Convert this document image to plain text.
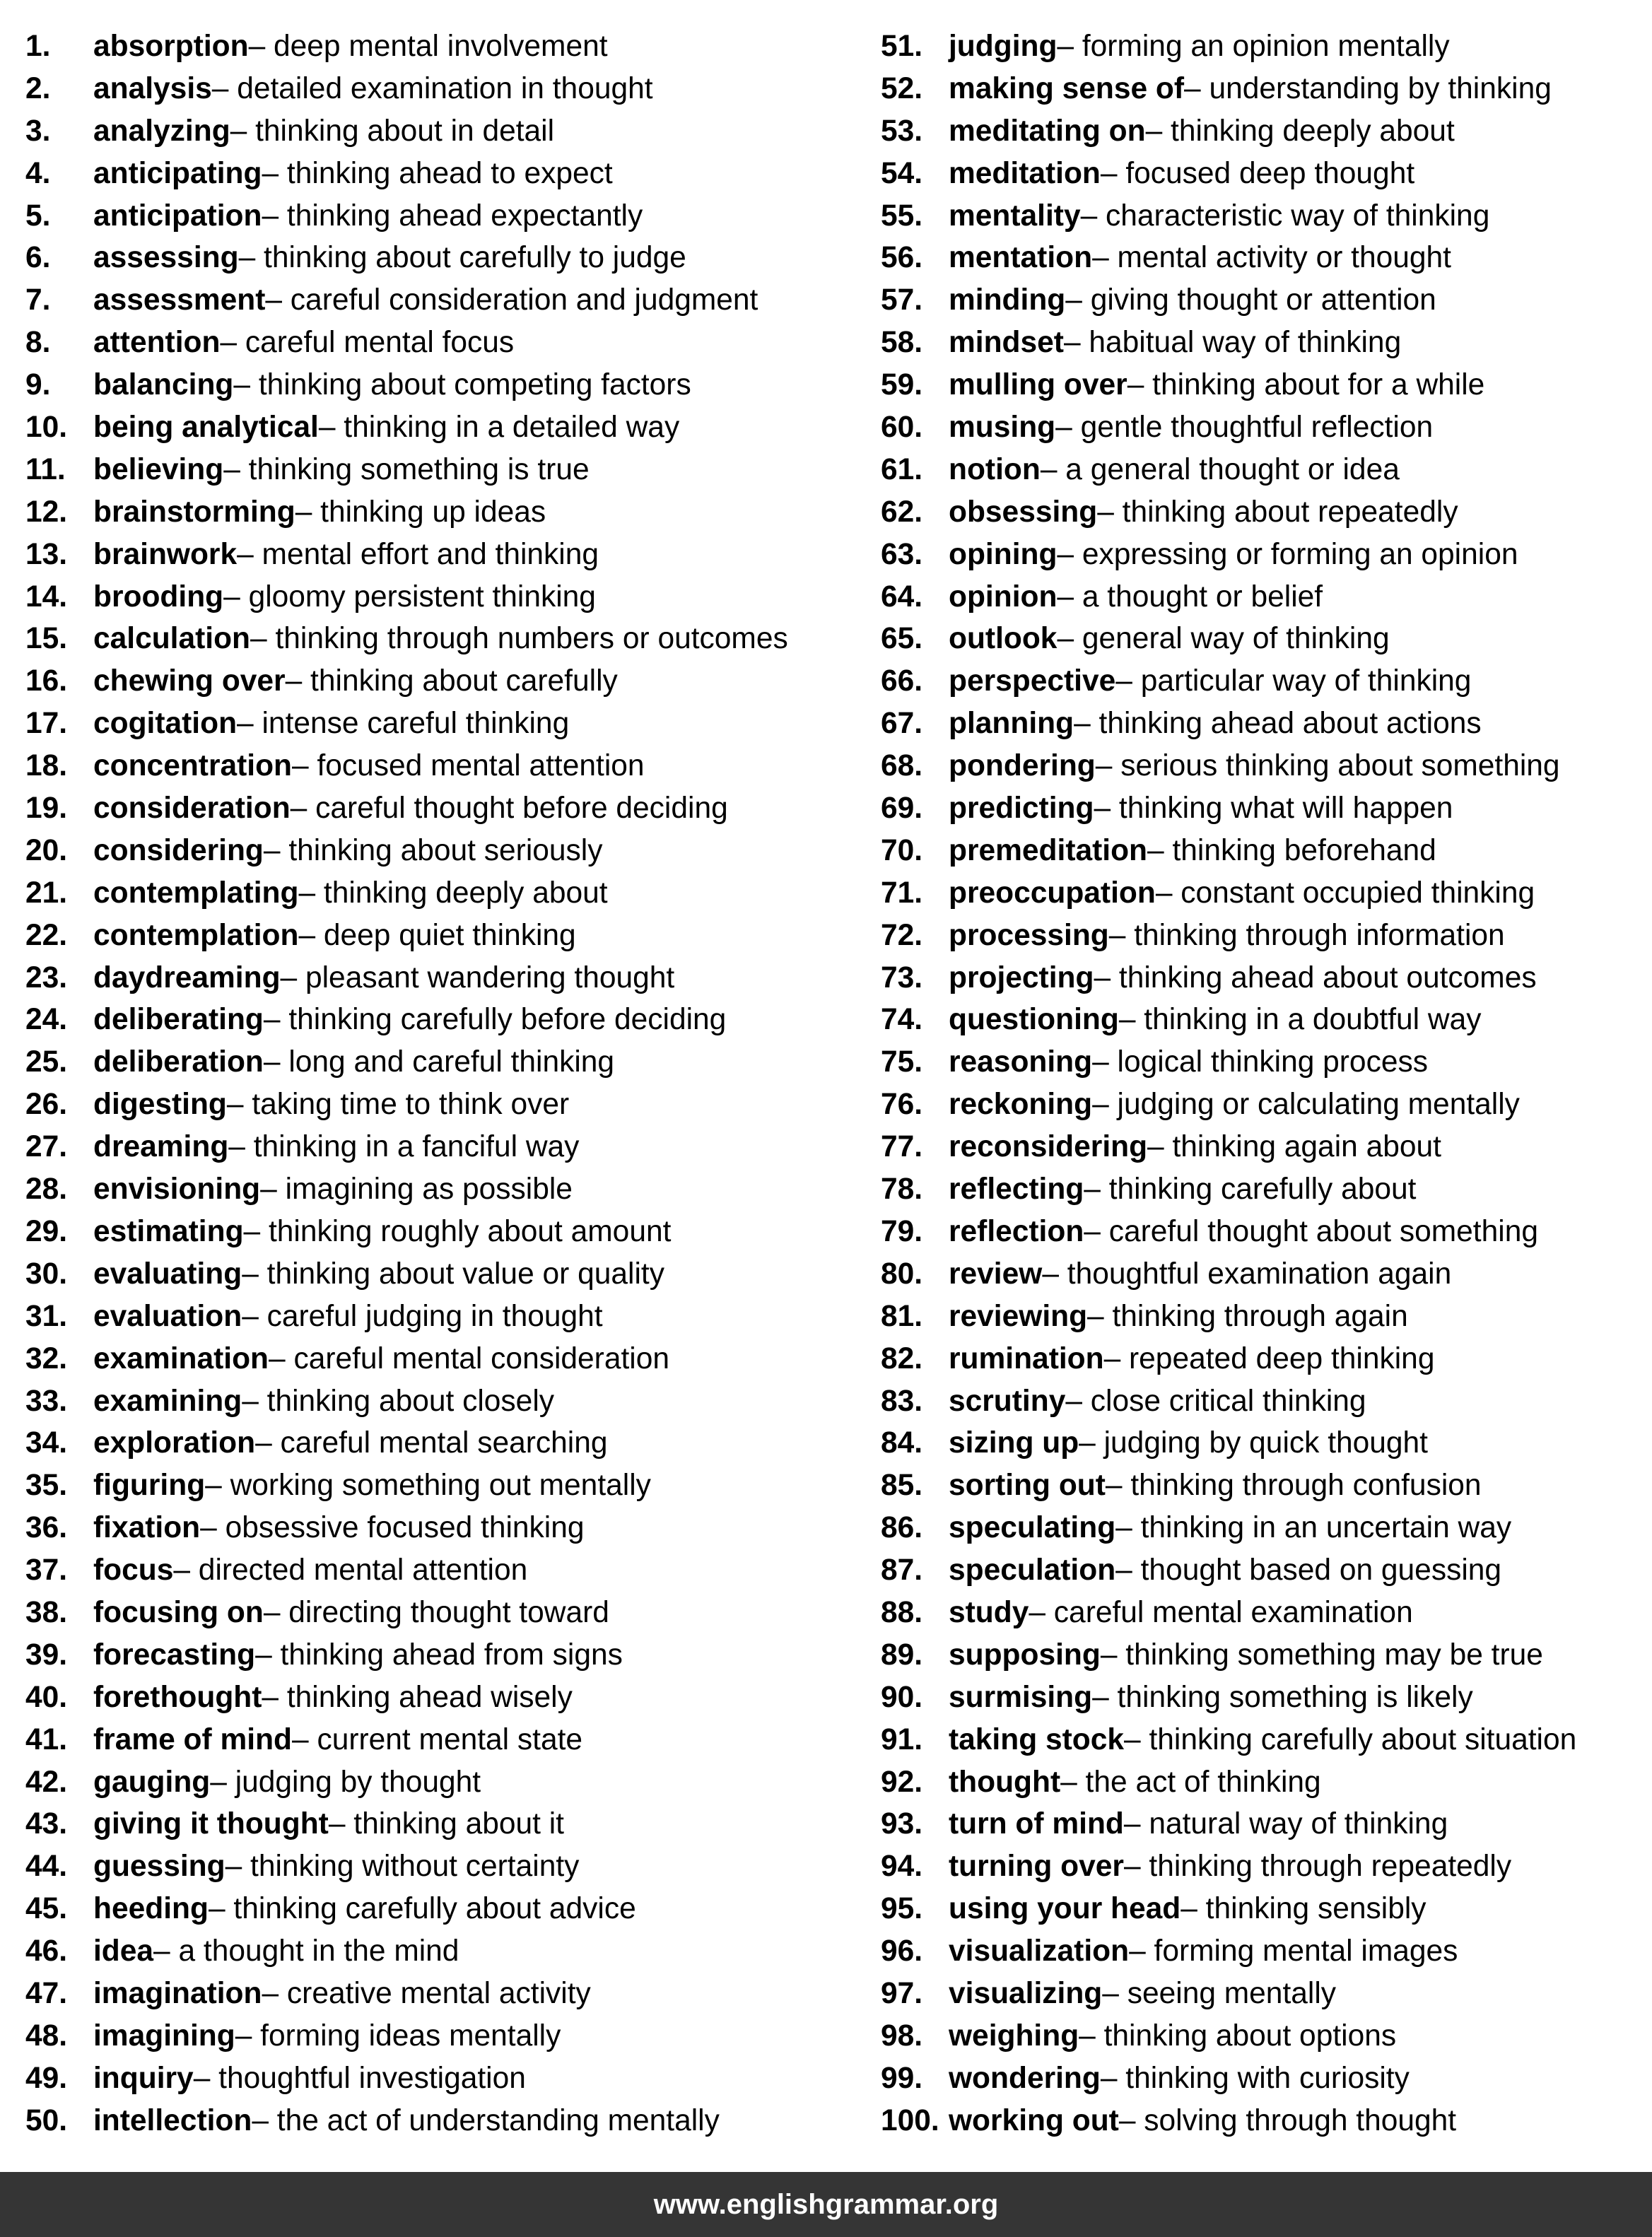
1.	absorption – deep mental involvement
2.	analysis – detailed examination in thought
3.	analyzing – thinking about in detail
4.	anticipating – thinking ahead to expect
5.	anticipation – thinking ahead expectantly
6.	assessing – thinking about carefully to judge
7.	assessment – careful consideration and judgment
8.	attention – careful mental focus
9.	balancing – thinking about competing factors
10. being analytical – thinking in a detailed way
11. believing – thinking something is true
12. brainstorming – thinking up ideas
13. brainwork – mental effort and thinking
14. brooding – gloomy persistent thinking
15. calculation – thinking through numbers or outcomes
16. chewing over – thinking about carefully
17. cogitation – intense careful thinking
18. concentration – focused mental attention
19. consideration – careful thought before deciding
20. considering – thinking about seriously
21. contemplating – thinking deeply about
22. contemplation – deep quiet thinking
23. daydreaming – pleasant wandering thought
24. deliberating – thinking carefully before deciding
25. deliberation – long and careful thinking
26. digesting – taking time to think over
27. dreaming – thinking in a fanciful way
28. envisioning – imagining as possible
29. estimating – thinking roughly about amount
30. evaluating – thinking about value or quality
31. evaluation – careful judging in thought
32. examination – careful mental consideration
33. examining – thinking about closely
34. exploration – careful mental searching
35. figuring – working something out mentally
36. fixation – obsessive focused thinking
37. focus – directed mental attention
38. focusing on – directing thought toward
39. forecasting – thinking ahead from signs
40. forethought – thinking ahead wisely
41. frame of mind – current mental state
42. gauging – judging by thought
43. giving it thought – thinking about it
44. guessing – thinking without certainty
45. heeding – thinking carefully about advice
46. idea – a thought in the mind
47. imagination – creative mental activity
48. imagining – forming ideas mentally
49. inquiry – thoughtful investigation
50. intellection – the act of understanding mentally
51. judging – forming an opinion mentally
52. making sense of – understanding by thinking
53. meditating on – thinking deeply about
54. meditation – focused deep thought
55. mentality – characteristic way of thinking
56. mentation – mental activity or thought
57. minding – giving thought or attention
58. mindset – habitual way of thinking
59. mulling over – thinking about for a while
60. musing – gentle thoughtful reflection
61. notion – a general thought or idea
62. obsessing – thinking about repeatedly
63. opining – expressing or forming an opinion
64. opinion – a thought or belief
65. outlook – general way of thinking
66. perspective – particular way of thinking
67. planning – thinking ahead about actions
68. pondering – serious thinking about something
69. predicting – thinking what will happen
70. premeditation – thinking beforehand
71. preoccupation – constant occupied thinking
72. processing – thinking through information
73. projecting – thinking ahead about outcomes
74. questioning – thinking in a doubtful way
75. reasoning – logical thinking process
76. reckoning – judging or calculating mentally
77. reconsidering – thinking again about
78. reflecting – thinking carefully about
79. reflection – careful thought about something
80. review – thoughtful examination again
81. reviewing – thinking through again
82. rumination – repeated deep thinking
83. scrutiny – close critical thinking
84. sizing up – judging by quick thought
85. sorting out – thinking through confusion
86. speculating – thinking in an uncertain way
87. speculation – thought based on guessing
88. study – careful mental examination
89. supposing – thinking something may be true
90. surmising – thinking something is likely
91. taking stock – thinking carefully about situation
92. thought – the act of thinking
93. turn of mind – natural way of thinking
94. turning over – thinking through repeatedly
95. using your head – thinking sensibly
96. visualization – forming mental images
97. visualizing – seeing mentally
98. weighing – thinking about options
99. wondering – thinking with curiosity
100. working out – solving through thought
www.englishgrammar.org
